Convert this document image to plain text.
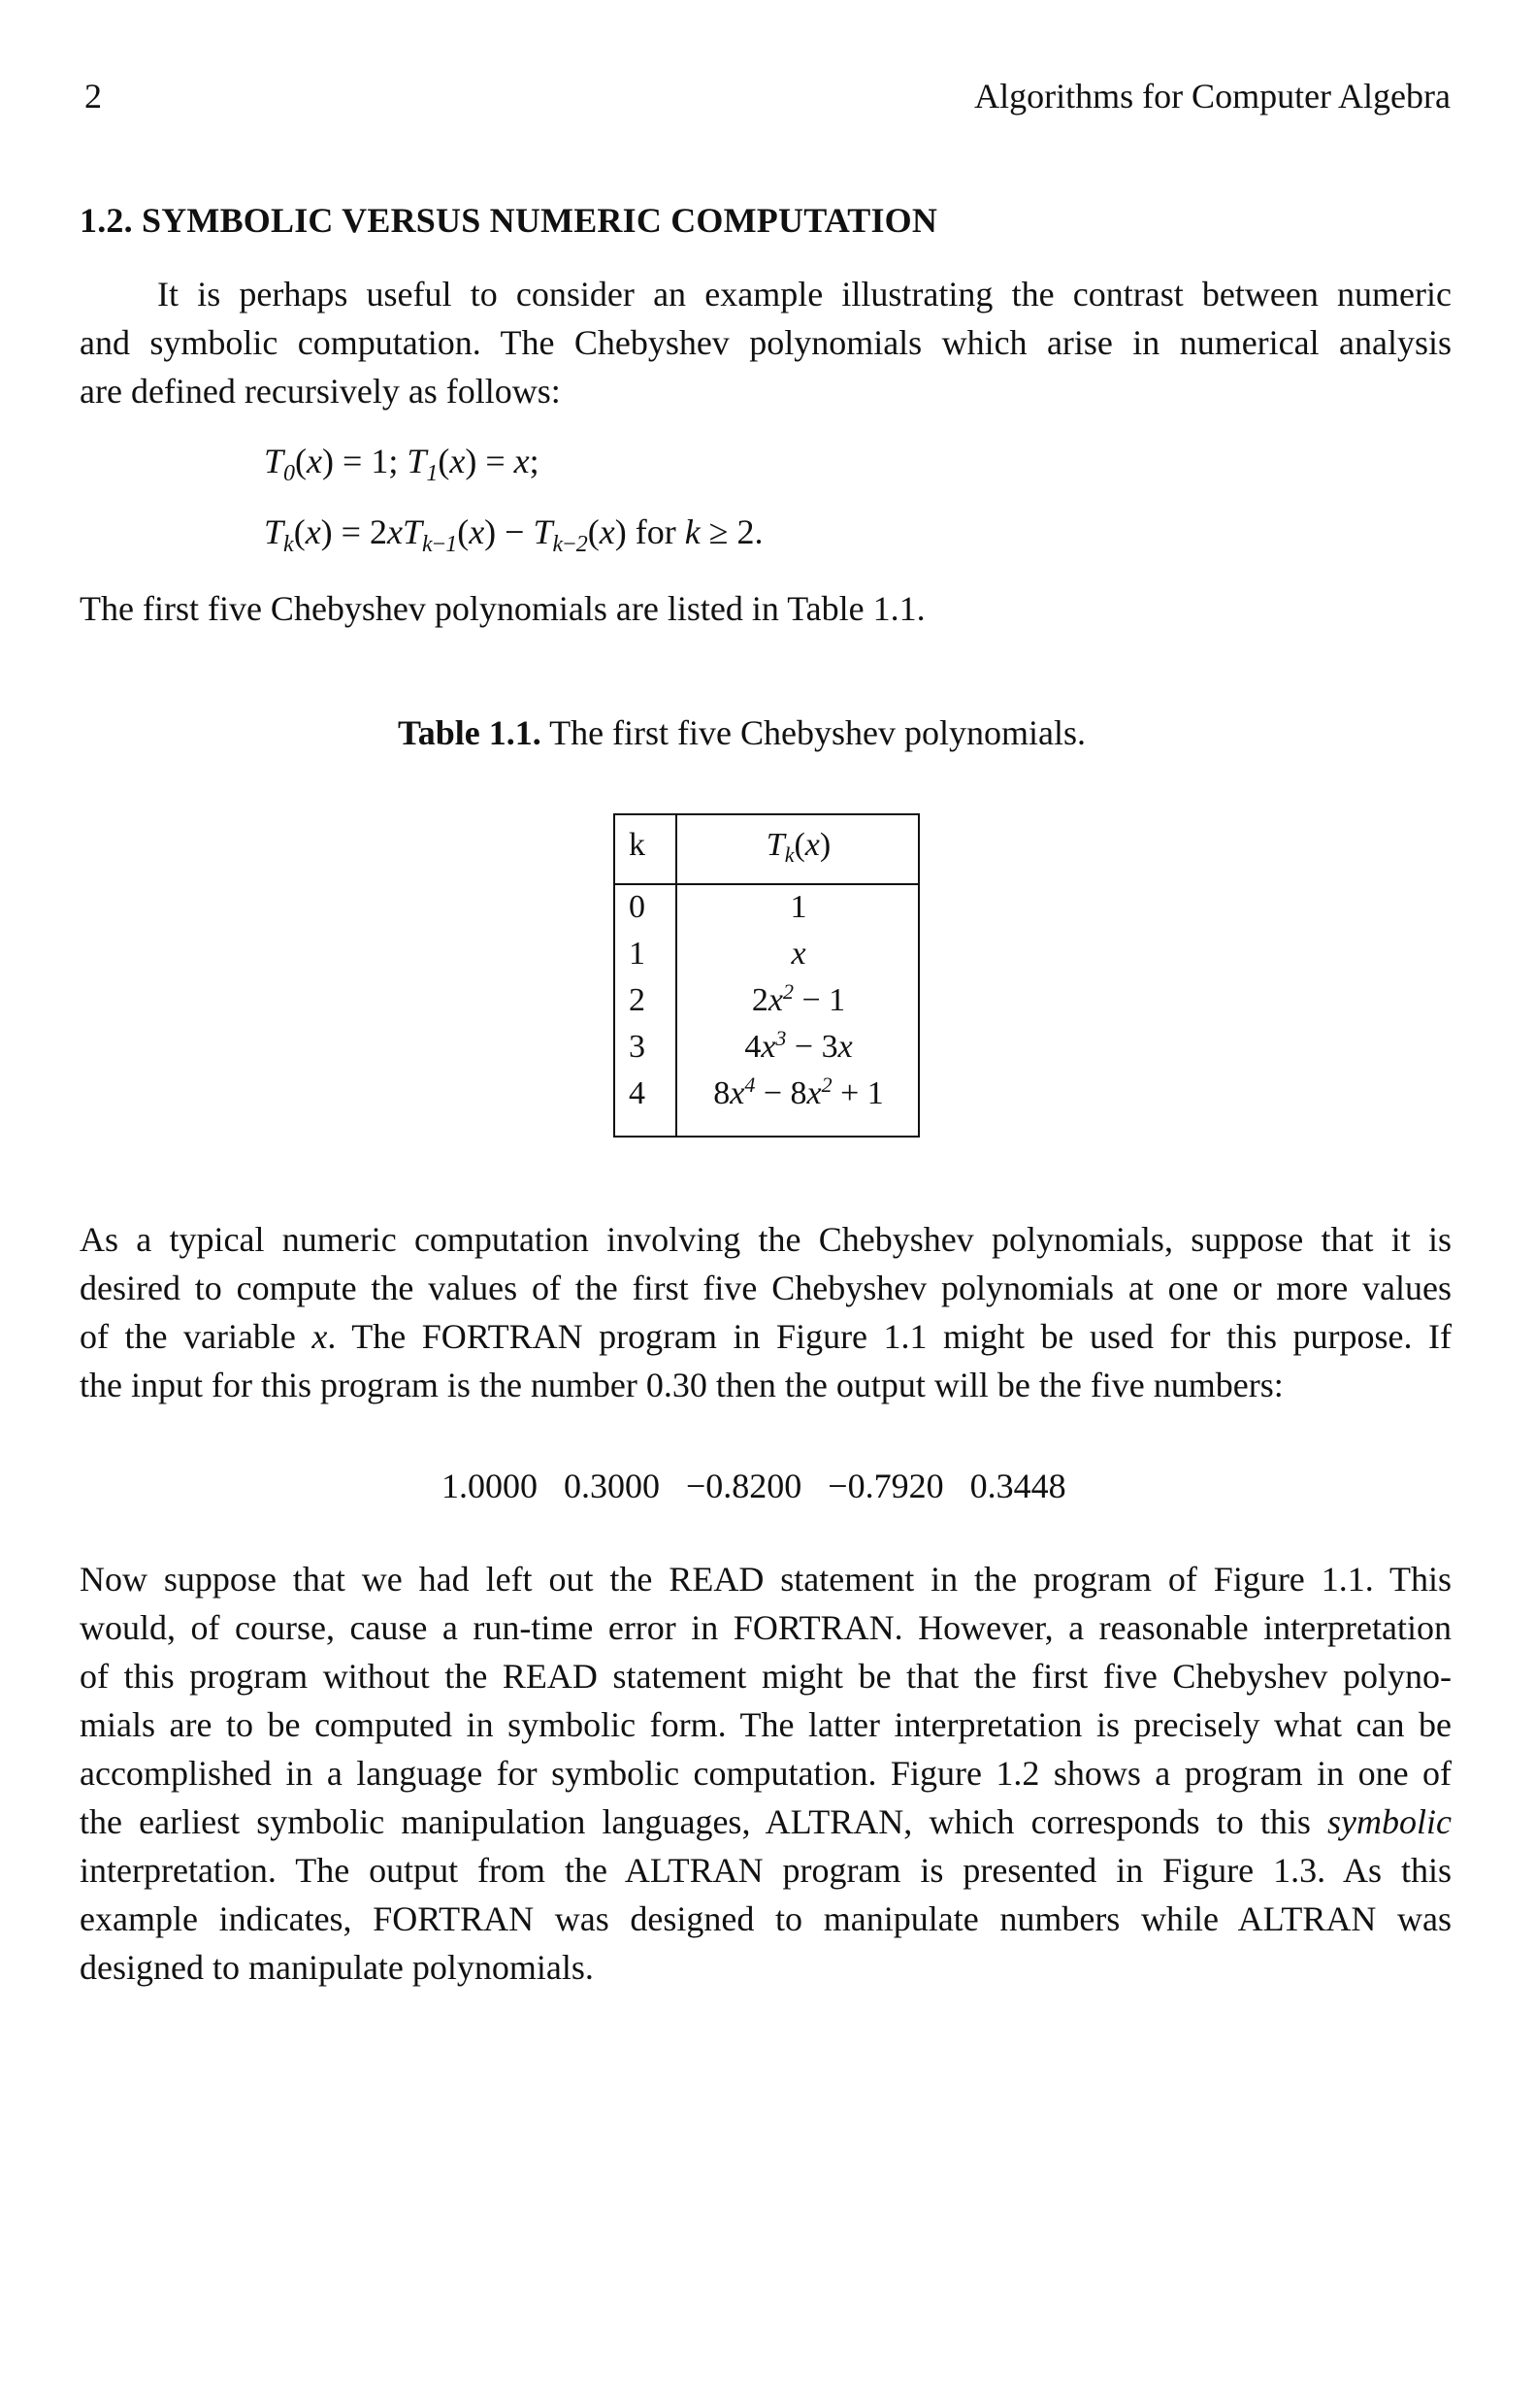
2	Algorithms for Computer Algebra
1.2. SYMBOLIC VERSUS NUMERIC COMPUTATION
It is perhaps useful to consider an example illustrating the contrast between numeric
and symbolic computation. The Chebyshev polynomials which arise in numerical analysis
are defined recursively as follows:
$T_0(x) = 1$; $T_1(x) = x$;
$T_k(x) = 2xT_{k-1}(x) - T_{k-2}(x)$ for k ≥ 2.
The first five Chebyshev polynomials are listed in Table 1.1.
Table 1.1. The first five Chebyshev polynomials.
k	$T_k(x)$
0	1
1	x
2	$2x^2 - 1$
3	$4x^3 - 3x$
4	$8x^4 - 8x^2 + 1$
As a typical numeric computation involving the Chebyshev polynomials, suppose that it is
desired to compute the values of the first five Chebyshev polynomials at one or more values
of the variable x. The FORTRAN program in Figure 1.1 might be used for this purpose. If
the input for this program is the number 0.30 then the output will be the five numbers:
1.0000   0.3000   −0.8200   −0.7920   0.3448
Now suppose that we had left out the READ statement in the program of Figure 1.1. This
would, of course, cause a run-time error in FORTRAN. However, a reasonable interpretation
of this program without the READ statement might be that the first five Chebyshev polyno-
mials are to be computed in symbolic form. The latter interpretation is precisely what can be
accomplished in a language for symbolic computation. Figure 1.2 shows a program in one of
the earliest symbolic manipulation languages, ALTRAN, which corresponds to this symbolic
interpretation. The output from the ALTRAN program is presented in Figure 1.3. As this
example indicates, FORTRAN was designed to manipulate numbers while ALTRAN was
designed to manipulate polynomials.
